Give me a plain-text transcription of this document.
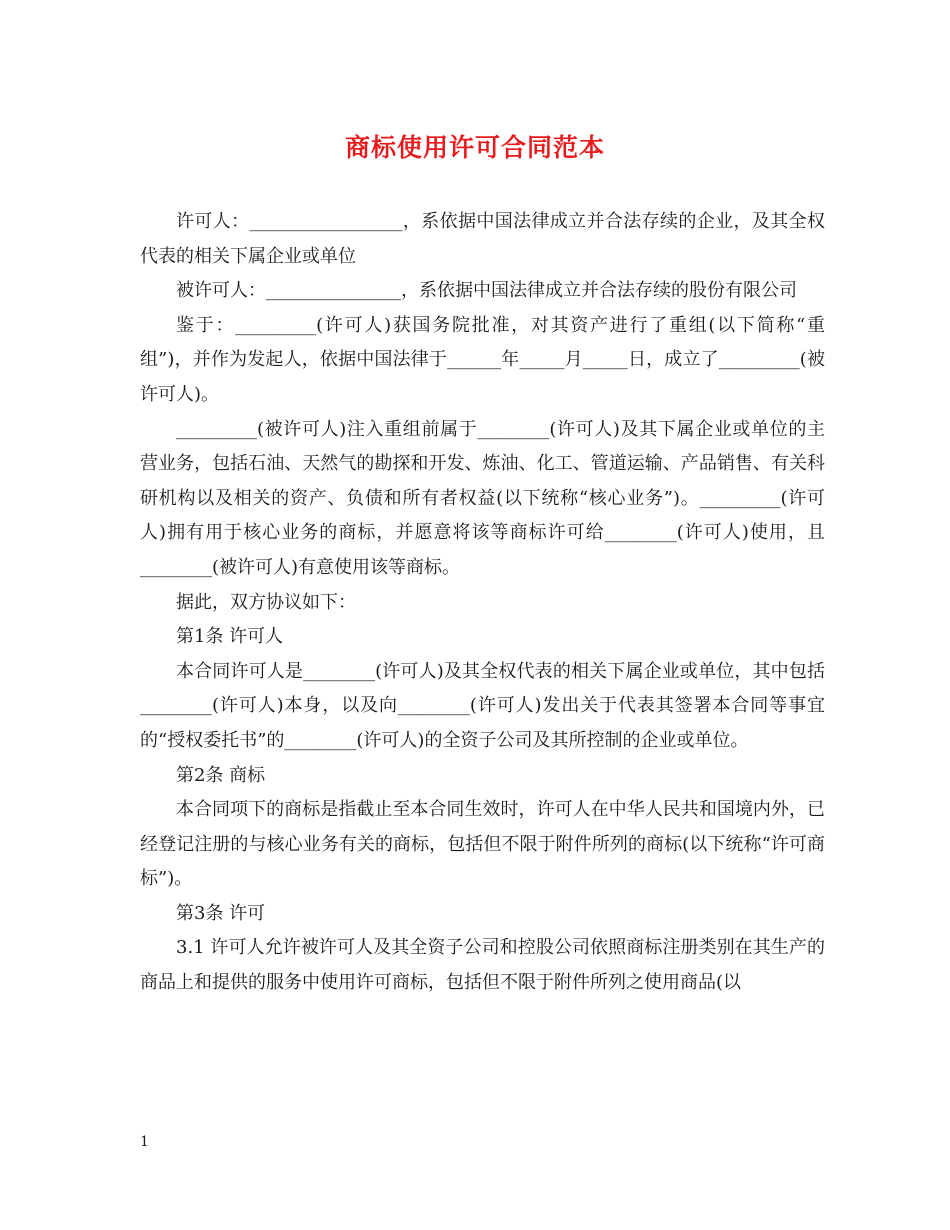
商标使用许可合同范本

许可人：_________________，系依据中国法律成立并合法存续的企业，及其全权代表的相关下属企业或单位

被许可人：_______________，系依据中国法律成立并合法存续的股份有限公司

鉴于：_________(许可人)获国务院批准，对其资产进行了重组(以下简称“重组”)，并作为发起人，依据中国法律于______年_____月_____日，成立了_________(被许可人)。

_________(被许可人)注入重组前属于________(许可人)及其下属企业或单位的主营业务，包括石油、天然气的勘探和开发、炼油、化工、管道运输、产品销售、有关科研机构以及相关的资产、负债和所有者权益(以下统称“核心业务”)。_________(许可人)拥有用于核心业务的商标，并愿意将该等商标许可给________(许可人)使用，且________(被许可人)有意使用该等商标。

据此，双方协议如下：

第1条 许可人

本合同许可人是________(许可人)及其全权代表的相关下属企业或单位，其中包括________(许可人)本身，以及向________(许可人)发出关于代表其签署本合同等事宜的“授权委托书”的________(许可人)的全资子公司及其所控制的企业或单位。

第2条 商标

本合同项下的商标是指截止至本合同生效时，许可人在中华人民共和国境内外，已经登记注册的与核心业务有关的商标，包括但不限于附件所列的商标(以下统称“许可商标”)。

第3条 许可

3.1 许可人允许被许可人及其全资子公司和控股公司依照商标注册类别在其生产的商品上和提供的服务中使用许可商标，包括但不限于附件所列之使用商品(以

1
